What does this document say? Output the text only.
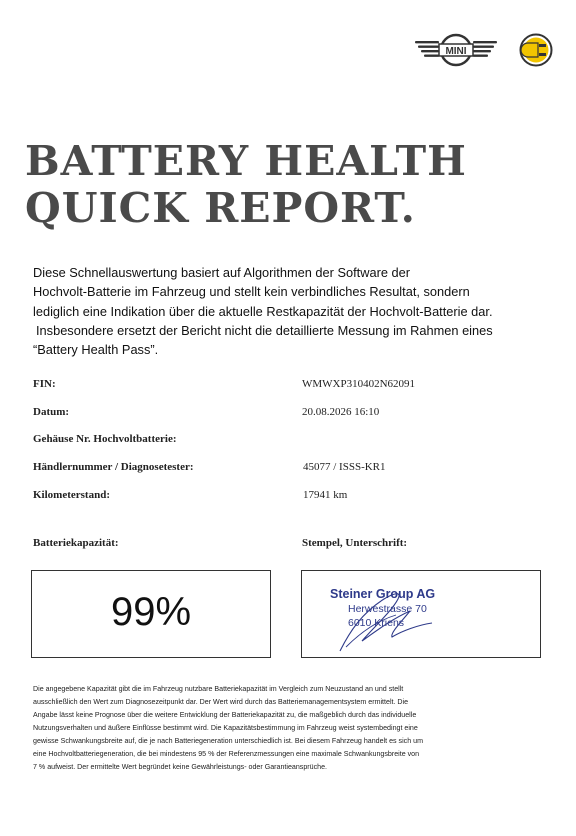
MINI
BATTERY HEALTH
QUICK REPORT.

Diese Schnellauswertung basiert auf Algorithmen der Software der
Hochvolt-Batterie im Fahrzeug und stellt kein verbindliches Resultat, sondern
lediglich eine Indikation über die aktuelle Restkapazität der Hochvolt-Batterie dar.
Insbesondere ersetzt der Bericht nicht die detaillierte Messung im Rahmen eines
“Battery Health Pass”.

FIN:	WMWXP310402N62091
Datum:	20.08.2026 16:10
Gehäuse Nr. Hochvoltbatterie:
Händlernummer / Diagnosetester:	45077 / ISSS-KR1
Kilometerstand:	17941 km
Batteriekapazität:	Stempel, Unterschrift:
99%	Steiner Group AG
Herwestrasse 70
6010 Kriens

Die angegebene Kapazität gibt die im Fahrzeug nutzbare Batteriekapazität im Vergleich zum Neuzustand an und stellt
ausschließlich den Wert zum Diagnosezeitpunkt dar. Der Wert wird durch das Batteriemanagementsystem ermittelt. Die
Angabe lässt keine Prognose über die weitere Entwicklung der Batteriekapazität zu, die maßgeblich durch das individuelle
Nutzungsverhalten und äußere Einflüsse bestimmt wird. Die Kapazitätsbestimmung im Fahrzeug weist systembedingt eine
gewisse Schwankungsbreite auf, die je nach Batteriegeneration unterschiedlich ist. Bei diesem Fahrzeug handelt es sich um
eine Hochvoltbatteriegeneration, die bei mindestens 95 % der Referenzmessungen eine maximale Schwankungsbreite von
7 % aufweist. Der ermittelte Wert begründet keine Gewährleistungs- oder Garantieansprüche.
